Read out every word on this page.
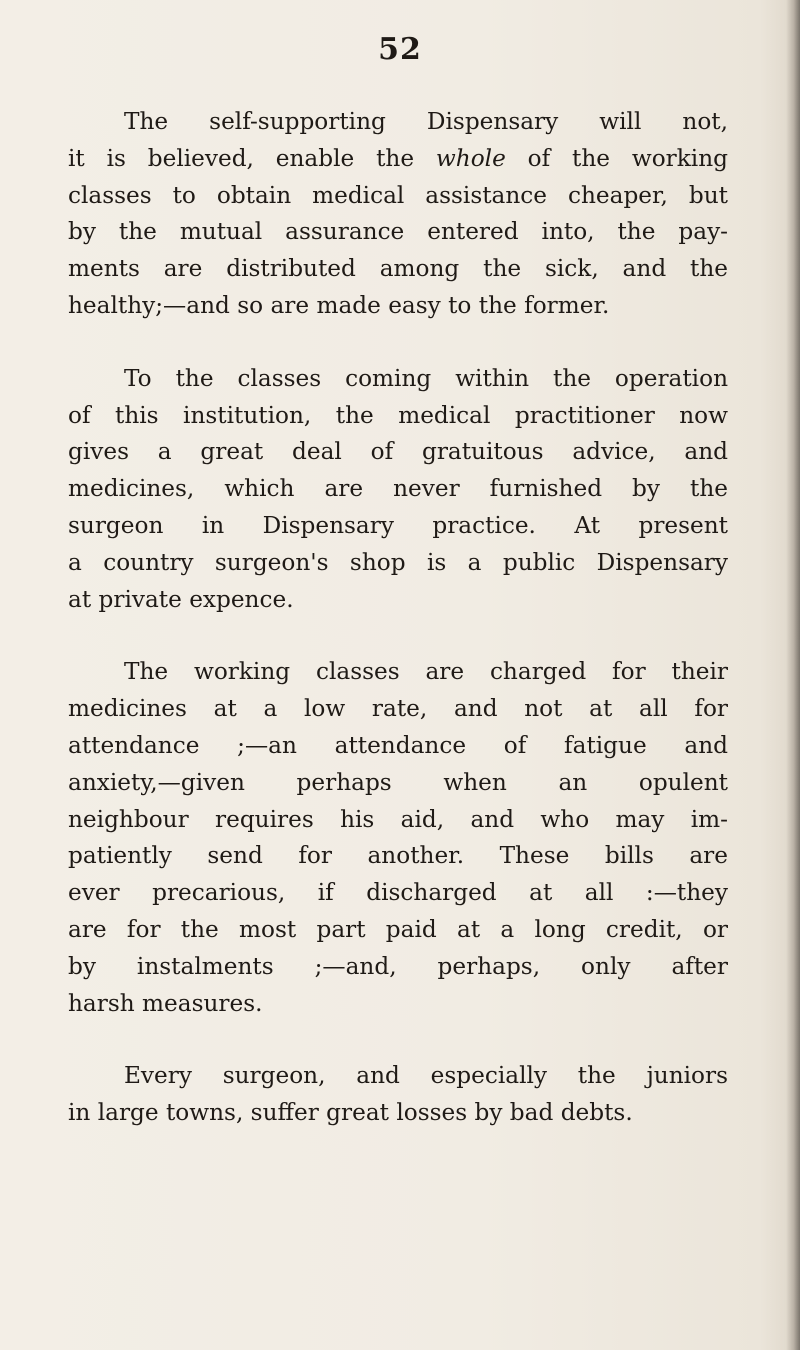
52

The self-supporting Dispensary will not,
it is believed, enable the whole of the working
classes to obtain medical assistance cheaper, but
by the mutual assurance entered into, the pay-
ments are distributed among the sick, and the
healthy;—and so are made easy to the former.

To the classes coming within the operation
of this institution, the medical practitioner now
gives a great deal of gratuitous advice, and
medicines, which are never furnished by the
surgeon in Dispensary practice. At present
a country surgeon's shop is a public Dispensary
at private expence.

The working classes are charged for their
medicines at a low rate, and not at all for
attendance ;—an attendance of fatigue and
anxiety,—given perhaps when an opulent
neighbour requires his aid, and who may im-
patiently send for another. These bills are
ever precarious, if discharged at all :—they
are for the most part paid at a long credit, or
by instalments ;—and, perhaps, only after
harsh measures.

Every surgeon, and especially the juniors
in large towns, suffer great losses by bad debts.
